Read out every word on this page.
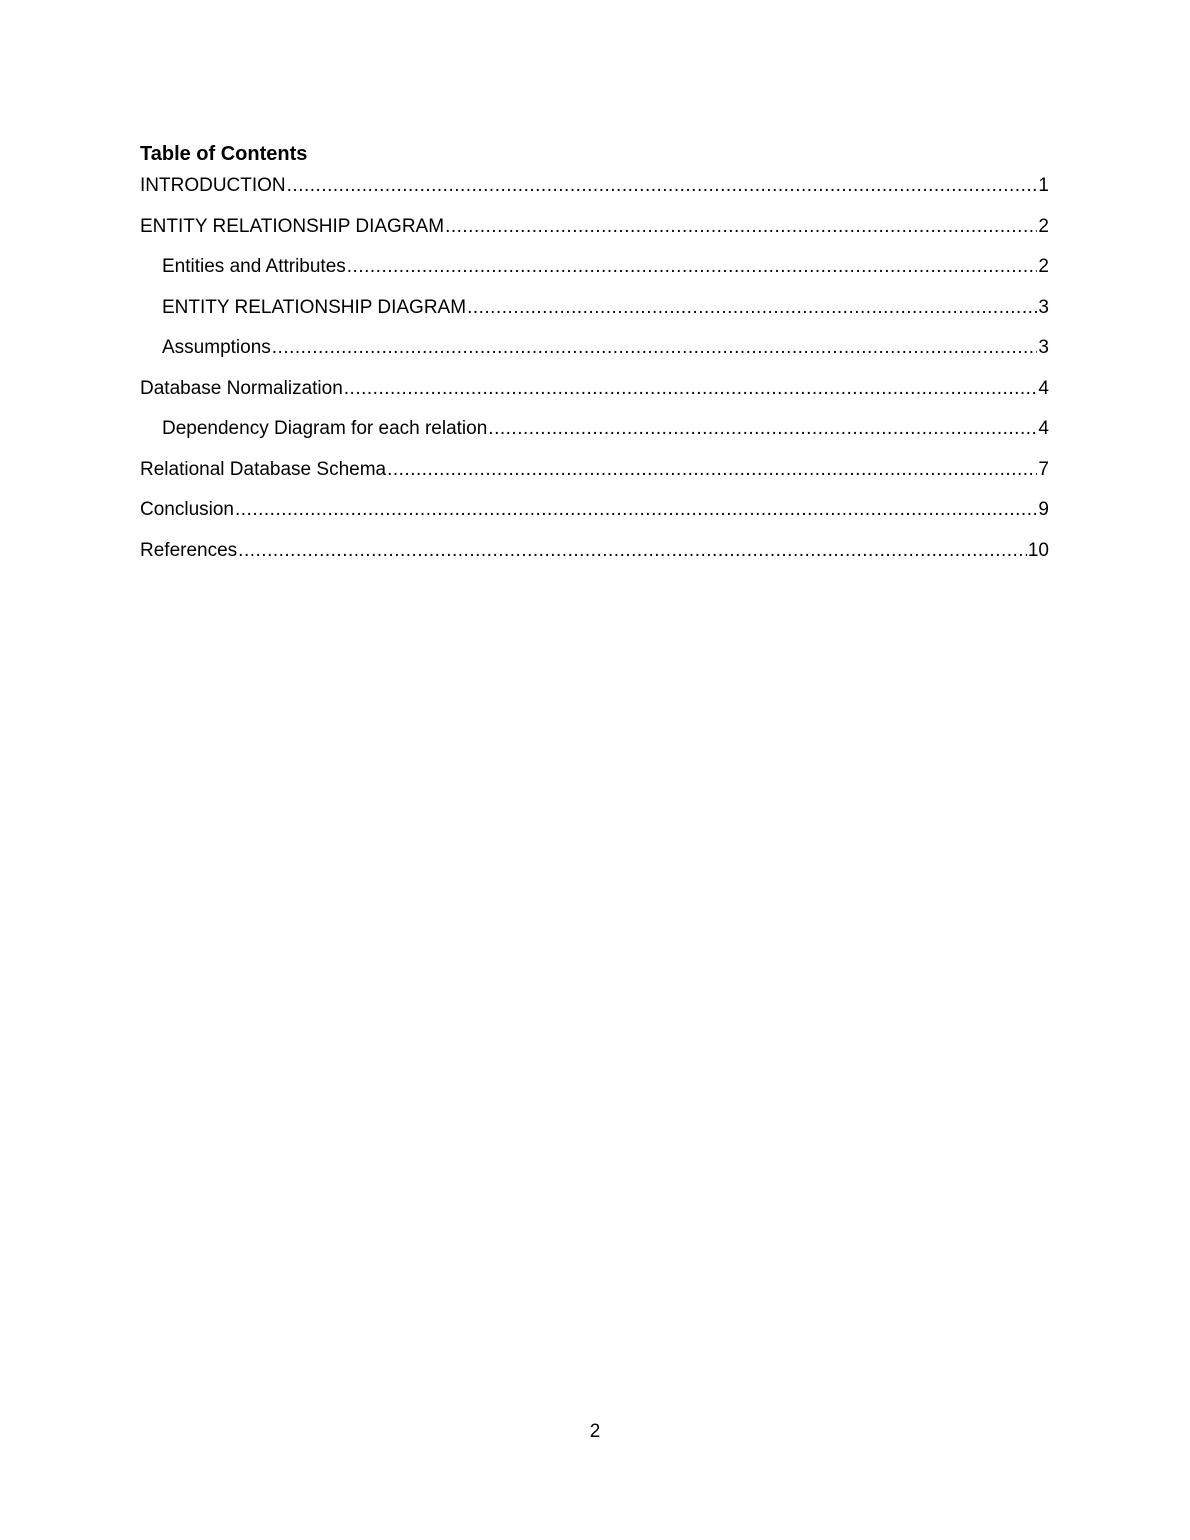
Table of Contents
INTRODUCTION .....	1
ENTITY RELATIONSHIP DIAGRAM .....	2
Entities and Attributes .....	2
ENTITY RELATIONSHIP DIAGRAM .....	3
Assumptions .....	3
Database Normalization .....	4
Dependency Diagram for each relation .....	4
Relational Database Schema .....	7
Conclusion .....	9
References .....	10
2
